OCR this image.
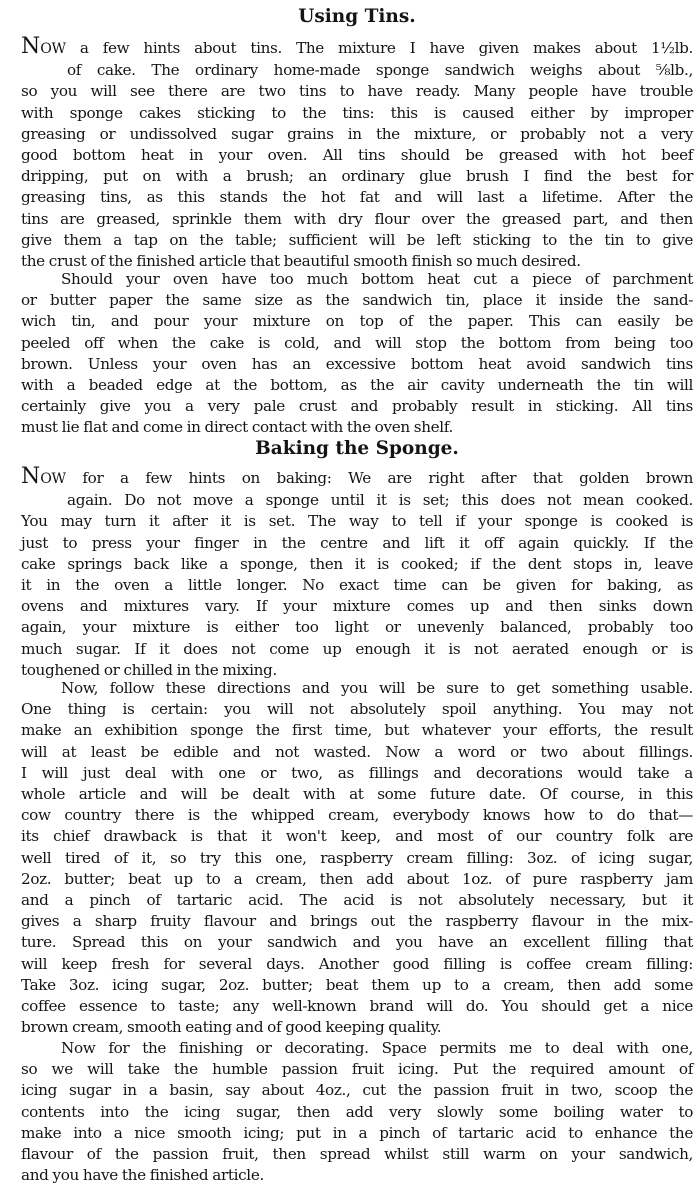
Using Tins.
NOW a few hints about tins. The mixture I have given makes about 1½lb.
of cake. The ordinary home-made sponge sandwich weighs about ⅝lb.,
so you will see there are two tins to have ready. Many people have trouble
with sponge cakes sticking to the tins: this is caused either by improper
greasing or undissolved sugar grains in the mixture, or probably not a very
good bottom heat in your oven. All tins should be greased with hot beef
dripping, put on with a brush; an ordinary glue brush I find the best for
greasing tins, as this stands the hot fat and will last a lifetime. After the
tins are greased, sprinkle them with dry flour over the greased part, and then
give them a tap on the table; sufficient will be left sticking to the tin to give
the crust of the finished article that beautiful smooth finish so much desired.
Should your oven have too much bottom heat cut a piece of parchment
or butter paper the same size as the sandwich tin, place it inside the sand-
wich tin, and pour your mixture on top of the paper. This can easily be
peeled off when the cake is cold, and will stop the bottom from being too
brown. Unless your oven has an excessive bottom heat avoid sandwich tins
with a beaded edge at the bottom, as the air cavity underneath the tin will
certainly give you a very pale crust and probably result in sticking. All tins
must lie flat and come in direct contact with the oven shelf.
Baking the Sponge.
NOW for a few hints on baking: We are right after that golden brown
again. Do not move a sponge until it is set; this does not mean cooked.
You may turn it after it is set. The way to tell if your sponge is cooked is
just to press your finger in the centre and lift it off again quickly. If the
cake springs back like a sponge, then it is cooked; if the dent stops in, leave
it in the oven a little longer. No exact time can be given for baking, as
ovens and mixtures vary. If your mixture comes up and then sinks down
again, your mixture is either too light or unevenly balanced, probably too
much sugar. If it does not come up enough it is not aerated enough or is
toughened or chilled in the mixing.
Now, follow these directions and you will be sure to get something usable.
One thing is certain: you will not absolutely spoil anything. You may not
make an exhibition sponge the first time, but whatever your efforts, the result
will at least be edible and not wasted. Now a word or two about fillings.
I will just deal with one or two, as fillings and decorations would take a
whole article and will be dealt with at some future date. Of course, in this
cow country there is the whipped cream, everybody knows how to do that—
its chief drawback is that it won't keep, and most of our country folk are
well tired of it, so try this one, raspberry cream filling: 3oz. of icing sugar,
2oz. butter; beat up to a cream, then add about 1oz. of pure raspberry jam
and a pinch of tartaric acid. The acid is not absolutely necessary, but it
gives a sharp fruity flavour and brings out the raspberry flavour in the mix-
ture. Spread this on your sandwich and you have an excellent filling that
will keep fresh for several days. Another good filling is coffee cream filling:
Take 3oz. icing sugar, 2oz. butter; beat them up to a cream, then add some
coffee essence to taste; any well-known brand will do. You should get a nice
brown cream, smooth eating and of good keeping quality.
Now for the finishing or decorating. Space permits me to deal with one,
so we will take the humble passion fruit icing. Put the required amount of
icing sugar in a basin, say about 4oz., cut the passion fruit in two, scoop the
contents into the icing sugar, then add very slowly some boiling water to
make into a nice smooth icing; put in a pinch of tartaric acid to enhance the
flavour of the passion fruit, then spread whilst still warm on your sandwich,
and you have the finished article.
